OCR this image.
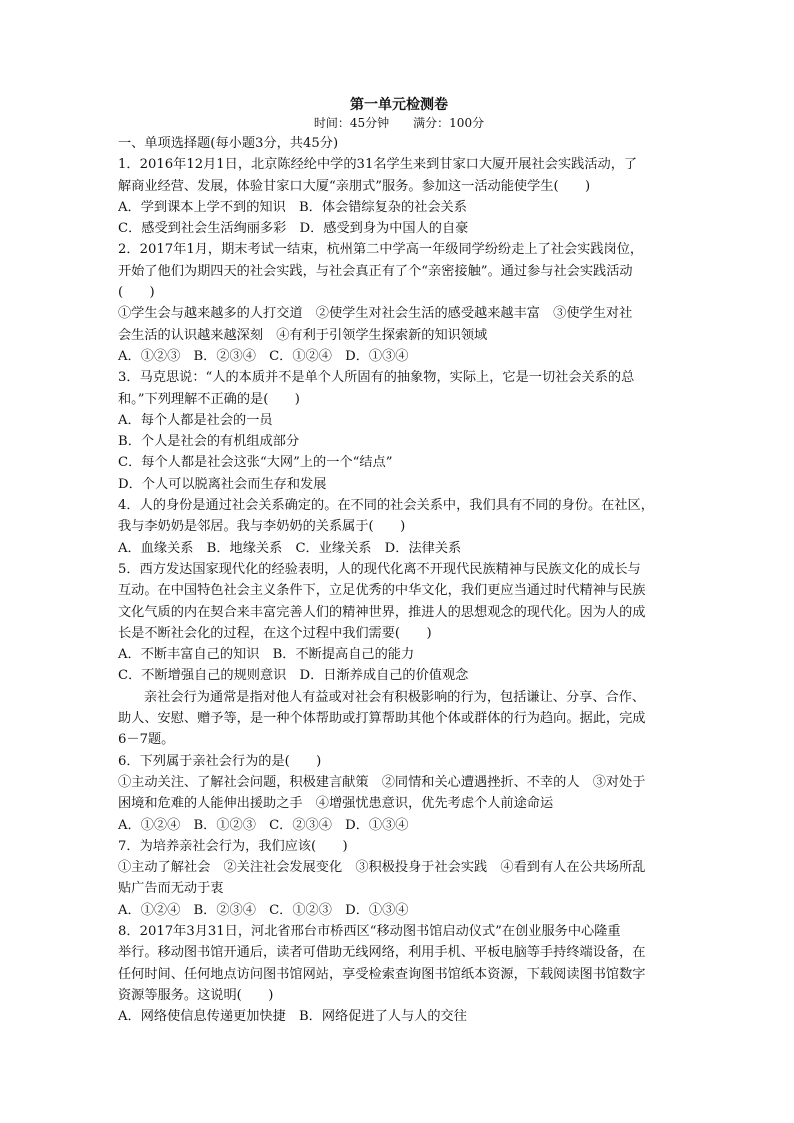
第一单元检测卷
时间：45分钟　　满分：100分
一、单项选择题(每小题3分，共45分)
1．2016年12月1日，北京陈经纶中学的31名学生来到甘家口大厦开展社会实践活动，了
解商业经营、发展，体验甘家口大厦“亲朋式”服务。参加这一活动能使学生(　　)
A．学到课本上学不到的知识　B．体会错综复杂的社会关系
C．感受到社会生活绚丽多彩　D．感受到身为中国人的自豪
2．2017年1月，期末考试一结束，杭州第二中学高一年级同学纷纷走上了社会实践岗位，
开始了他们为期四天的社会实践，与社会真正有了个“亲密接触”。通过参与社会实践活动
(　　)
①学生会与越来越多的人打交道　②使学生对社会生活的感受越来越丰富　③使学生对社
会生活的认识越来越深刻　④有利于引领学生探索新的知识领域
A．①②③　B．②③④　C．①②④　D．①③④
3．马克思说：“人的本质并不是单个人所固有的抽象物，实际上，它是一切社会关系的总
和。”下列理解不正确的是(　　)
A．每个人都是社会的一员
B．个人是社会的有机组成部分
C．每个人都是社会这张“大网”上的一个“结点”
D．个人可以脱离社会而生存和发展
4．人的身份是通过社会关系确定的。在不同的社会关系中，我们具有不同的身份。在社区，
我与李奶奶是邻居。我与李奶奶的关系属于(　　)
A．血缘关系　B．地缘关系　C．业缘关系　D．法律关系
5．西方发达国家现代化的经验表明，人的现代化离不开现代民族精神与民族文化的成长与
互动。在中国特色社会主义条件下，立足优秀的中华文化，我们更应当通过时代精神与民族
文化气质的内在契合来丰富完善人们的精神世界，推进人的思想观念的现代化。因为人的成
长是不断社会化的过程，在这个过程中我们需要(　　)
A．不断丰富自己的知识　B．不断提高自己的能力
C．不断增强自己的规则意识　D．日渐养成自己的价值观念
亲社会行为通常是指对他人有益或对社会有积极影响的行为，包括谦让、分享、合作、
助人、安慰、赠予等，是一种个体帮助或打算帮助其他个体或群体的行为趋向。据此，完成
6－7题。
6．下列属于亲社会行为的是(　　)
①主动关注、了解社会问题，积极建言献策　②同情和关心遭遇挫折、不幸的人　③对处于
困境和危难的人能伸出援助之手　④增强忧患意识，优先考虑个人前途命运
A．①②④　B．①②③　C．②③④　D．①③④
7．为培养亲社会行为，我们应该(　　)
①主动了解社会　②关注社会发展变化　③积极投身于社会实践　④看到有人在公共场所乱
贴广告而无动于衷
A．①②④　B．②③④　C．①②③　D．①③④
8．2017年3月31日，河北省邢台市桥西区“移动图书馆启动仪式”在创业服务中心隆重
举行。移动图书馆开通后，读者可借助无线网络，利用手机、平板电脑等手持终端设备，在
任何时间、任何地点访问图书馆网站，享受检索查询图书馆纸本资源，下载阅读图书馆数字
资源等服务。这说明(　　)
A．网络使信息传递更加快捷　B．网络促进了人与人的交往
